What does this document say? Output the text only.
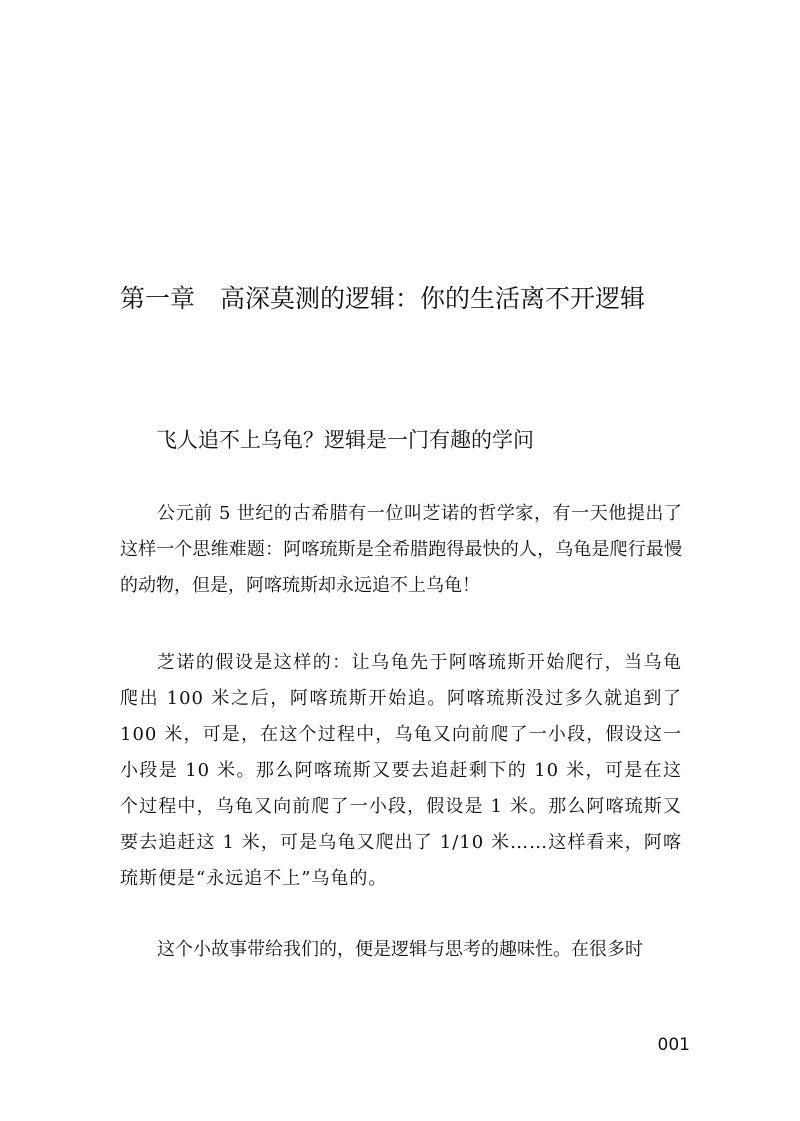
第一章　高深莫测的逻辑：你的生活离不开逻辑
飞人追不上乌龟？逻辑是一门有趣的学问

公元前 5 世纪的古希腊有一位叫芝诺的哲学家，有一天他提出了这样一个思维难题：阿喀琉斯是全希腊跑得最快的人，乌龟是爬行最慢的动物，但是，阿喀琉斯却永远追不上乌龟！

芝诺的假设是这样的：让乌龟先于阿喀琉斯开始爬行，当乌龟爬出 100 米之后，阿喀琉斯开始追。阿喀琉斯没过多久就追到了 100 米，可是，在这个过程中，乌龟又向前爬了一小段，假设这一小段是 10 米。那么阿喀琉斯又要去追赶剩下的 10 米，可是在这个过程中，乌龟又向前爬了一小段，假设是 1 米。那么阿喀琉斯又要去追赶这 1 米，可是乌龟又爬出了 1/10 米……这样看来，阿喀琉斯便是“永远追不上”乌龟的。

这个小故事带给我们的，便是逻辑与思考的趣味性。在很多时

001
